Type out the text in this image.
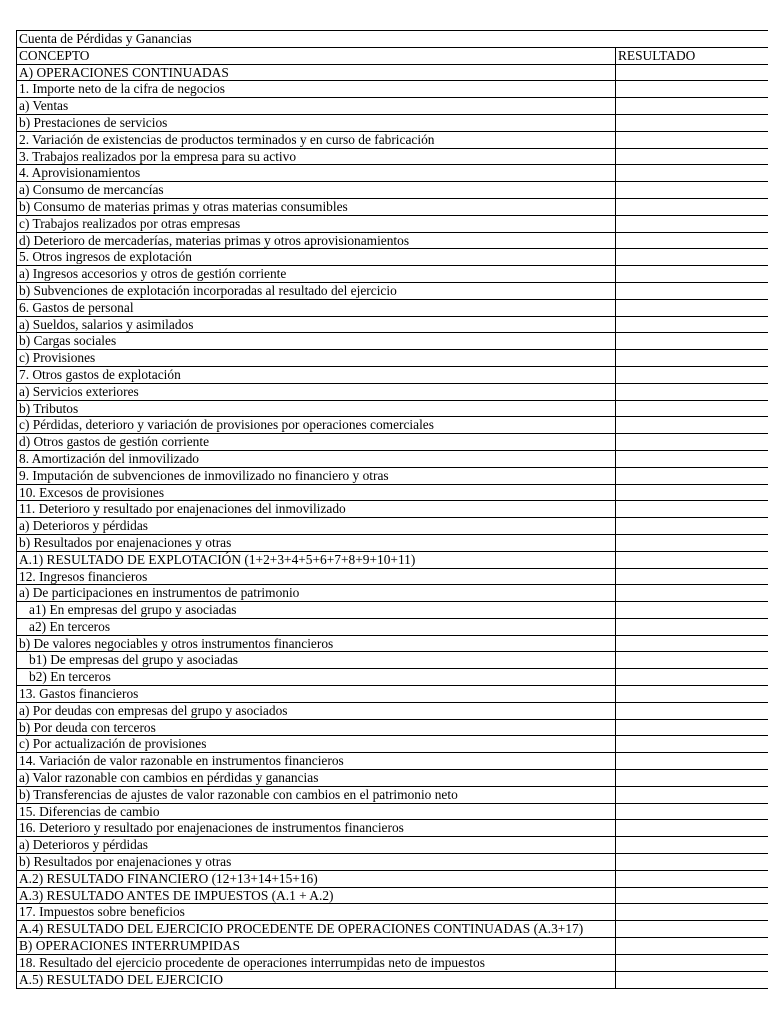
Cuenta de Pérdidas y Ganancias	
CONCEPTO	RESULTADO
A) OPERACIONES CONTINUADAS	
1. Importe neto de la cifra de negocios	
a) Ventas	
b) Prestaciones de servicios	
2. Variación de existencias de productos terminados y en curso de fabricación	
3. Trabajos realizados por la empresa para su activo	
4. Aprovisionamientos	
a) Consumo de mercancías	
b) Consumo de materias primas y otras materias consumibles	
c) Trabajos realizados por otras empresas	
d) Deterioro de mercaderías, materias primas y otros aprovisionamientos	
5. Otros ingresos de explotación	
a) Ingresos accesorios y otros de gestión corriente	
b) Subvenciones de explotación incorporadas al resultado del ejercicio	
6. Gastos de personal	
a) Sueldos, salarios y asimilados	
b) Cargas sociales	
c) Provisiones	
7. Otros gastos de explotación	
a) Servicios exteriores	
b) Tributos	
c) Pérdidas, deterioro y variación de provisiones por operaciones comerciales	
d) Otros gastos de gestión corriente	
8. Amortización del inmovilizado	
9. Imputación de subvenciones de inmovilizado no financiero y otras	
10. Excesos de provisiones	
11. Deterioro y resultado por enajenaciones del inmovilizado	
a) Deterioros y pérdidas	
b) Resultados por enajenaciones y otras	
A.1) RESULTADO DE EXPLOTACIÓN (1+2+3+4+5+6+7+8+9+10+11)	
12. Ingresos financieros	
a) De participaciones en instrumentos de patrimonio	
a1) En empresas del grupo y asociadas	
a2) En terceros	
b) De valores negociables y otros instrumentos financieros	
b1) De empresas del grupo y asociadas	
b2) En terceros	
13. Gastos financieros	
a) Por deudas con empresas del grupo y asociados	
b) Por deuda con terceros	
c) Por actualización de provisiones	
14. Variación de valor razonable en instrumentos financieros	
a) Valor razonable con cambios en pérdidas y ganancias	
b) Transferencias de ajustes de valor razonable con cambios en el patrimonio neto	
15. Diferencias de cambio	
16. Deterioro y resultado por enajenaciones de instrumentos financieros	
a) Deterioros y pérdidas	
b) Resultados por enajenaciones y otras	
A.2) RESULTADO FINANCIERO (12+13+14+15+16)	
A.3) RESULTADO ANTES DE IMPUESTOS (A.1 + A.2)	
17. Impuestos sobre beneficios	
A.4) RESULTADO DEL EJERCICIO PROCEDENTE DE OPERACIONES CONTINUADAS (A.3+17)	
B) OPERACIONES INTERRUMPIDAS	
18. Resultado del ejercicio procedente de operaciones interrumpidas neto de impuestos	
A.5) RESULTADO DEL EJERCICIO	
